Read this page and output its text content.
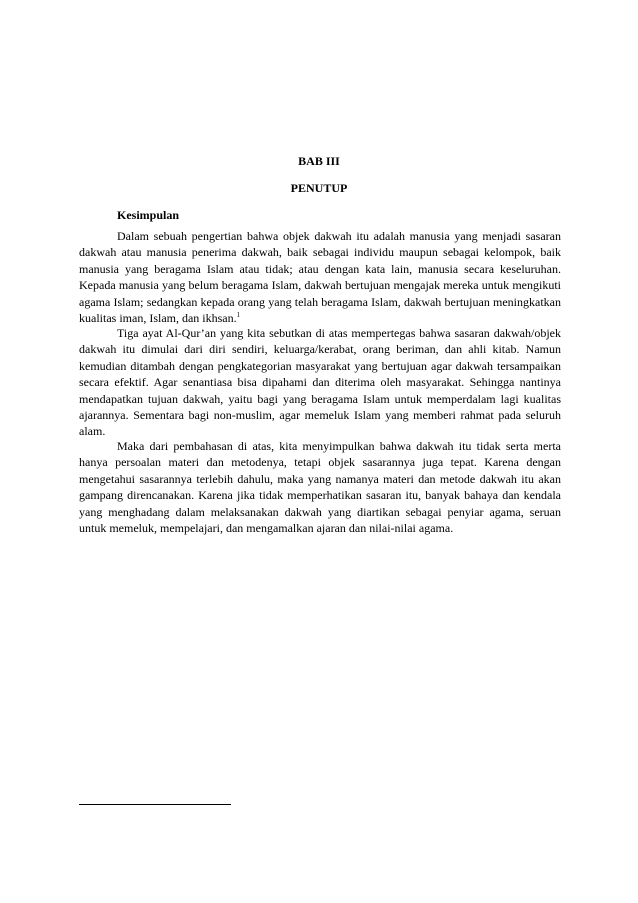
BAB III
PENUTUP
Kesimpulan

Dalam sebuah pengertian bahwa objek dakwah itu adalah manusia yang menjadi sasaran dakwah atau manusia penerima dakwah, baik sebagai individu maupun sebagai kelompok, baik manusia yang beragama Islam atau tidak; atau dengan kata lain, manusia secara keseluruhan. Kepada manusia yang belum beragama Islam, dakwah bertujuan mengajak mereka untuk mengikuti agama Islam; sedangkan kepada orang yang telah beragama Islam, dakwah bertujuan meningkatkan kualitas iman, Islam, dan ikhsan.$^1$

Tiga ayat Al-Qur’an yang kita sebutkan di atas mempertegas bahwa sasaran dakwah/objek dakwah itu dimulai dari diri sendiri, keluarga/kerabat, orang beriman, dan ahli kitab. Namun kemudian ditambah dengan pengkategorian masyarakat yang bertujuan agar dakwah tersampaikan secara efektif. Agar senantiasa bisa dipahami dan diterima oleh masyarakat. Sehingga nantinya mendapatkan tujuan dakwah, yaitu bagi yang beragama Islam untuk memperdalam lagi kualitas ajarannya. Sementara bagi non-muslim, agar memeluk Islam yang memberi rahmat pada seluruh alam.

Maka dari pembahasan di atas, kita menyimpulkan bahwa dakwah itu tidak serta merta hanya persoalan materi dan metodenya, tetapi objek sasarannya juga tepat. Karena dengan mengetahui sasarannya terlebih dahulu, maka yang namanya materi dan metode dakwah itu akan gampang direncanakan. Karena jika tidak memperhatikan sasaran itu, banyak bahaya dan kendala yang menghadang dalam melaksanakan dakwah yang diartikan sebagai penyiar agama, seruan untuk memeluk, mempelajari, dan mengamalkan ajaran dan nilai-nilai agama.
